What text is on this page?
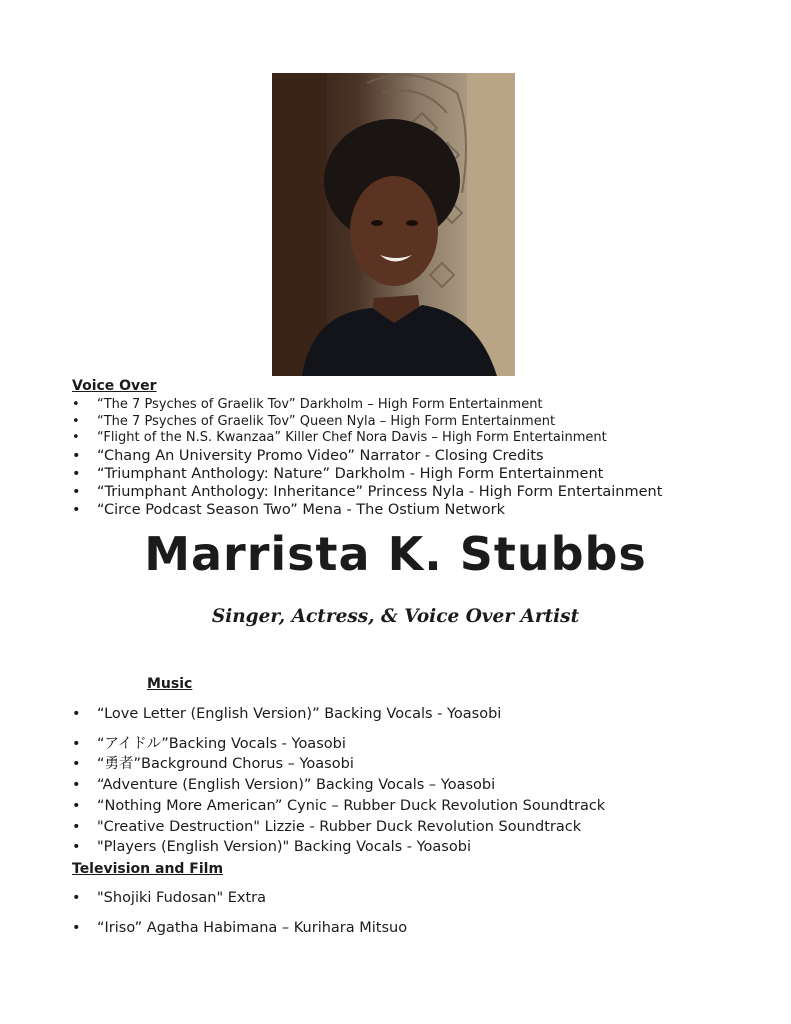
Voice Over
• “The 7 Psyches of Graelik Tov” Darkholm – High Form Entertainment
• “The 7 Psyches of Graelik Tov” Queen Nyla – High Form Entertainment
• “Flight of the N.S. Kwanzaa” Killer Chef Nora Davis – High Form Entertainment
• “Chang An University Promo Video” Narrator - Closing Credits
• “Triumphant Anthology: Nature” Darkholm - High Form Entertainment
• “Triumphant Anthology: Inheritance” Princess Nyla - High Form Entertainment
• “Circe Podcast Season Two” Mena - The Ostium Network
Marrista K. Stubbs
Singer, Actress, & Voice Over Artist
Music
• “Love Letter (English Version)” Backing Vocals - Yoasobi
• “アイドル”Backing Vocals - Yoasobi
• “勇者”Background Chorus – Yoasobi
• “Adventure (English Version)” Backing Vocals – Yoasobi
• “Nothing More American” Cynic – Rubber Duck Revolution Soundtrack
• "Creative Destruction" Lizzie - Rubber Duck Revolution Soundtrack
• "Players (English Version)" Backing Vocals - Yoasobi
Television and Film
• "Shojiki Fudosan" Extra
• “Iriso” Agatha Habimana – Kurihara Mitsuo
